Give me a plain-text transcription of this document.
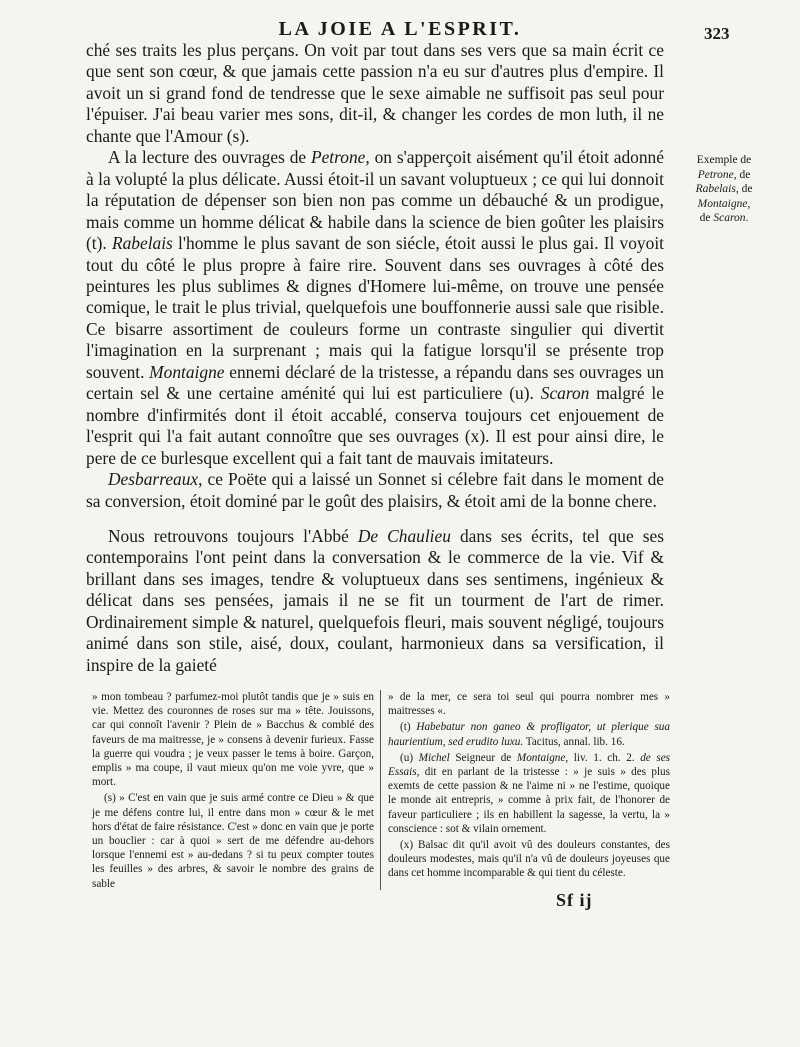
LA JOIE A L'ESPRIT.	323

ché ses traits les plus perçans. On voit par tout dans ses vers que sa main écrit ce que sent son cœur, & que jamais cette passion n'a eu sur d'autres plus d'empire. Il avoit un si grand fond de tendresse que le sexe aimable ne suffisoit pas seul pour l'épuiser. J'ai beau varier mes sons, dit-il, & changer les cordes de mon luth, il ne chante que l'Amour (s).

A la lecture des ouvrages de Petrone, on s'apperçoit aisément qu'il étoit adonné à la volupté la plus délicate. Aussi étoit-il un savant voluptueux ; ce qui lui donnoit la réputation de dépenser son bien non pas comme un débauché & un prodigue, mais comme un homme délicat & habile dans la science de bien goûter les plaisirs (t). Rabelais l'homme le plus savant de son siécle, étoit aussi le plus gai. Il voyoit tout du côté le plus propre à faire rire. Souvent dans ses ouvrages à côté des peintures les plus sublimes & dignes d'Homere lui-même, on trouve une pensée comique, le trait le plus trivial, quelquefois une bouffonnerie aussi sale que risible. Ce bisarre assortiment de couleurs forme un contraste singulier qui divertit l'imagination en la surprenant ; mais qui la fatigue lorsqu'il se présente trop souvent. Montaigne ennemi déclaré de la tristesse, a répandu dans ses ouvrages un certain sel & une certaine aménité qui lui est particuliere (u). Scaron malgré le nombre d'infirmités dont il étoit accablé, conserva toujours cet enjouement de l'esprit qui l'a fait autant connoître que ses ouvrages (x). Il est pour ainsi dire, le pere de ce burlesque excellent qui a fait tant de mauvais imitateurs.

Desbarreaux, ce Poëte qui a laissé un Sonnet si célebre fait dans le moment de sa conversion, étoit dominé par le goût des plaisirs, & étoit ami de la bonne chere.

Nous retrouvons toujours l'Abbé De Chaulieu dans ses écrits, tel que ses contemporains l'ont peint dans la conversation & le commerce de la vie. Vif & brillant dans ses images, tendre & voluptueux dans ses sentimens, ingénieux & délicat dans ses pensées, jamais il ne se fit un tourment de l'art de rimer. Ordinairement simple & naturel, quelquefois fleuri, mais souvent négligé, toujours animé dans son stile, aisé, doux, coulant, harmonieux dans sa versification, il inspire de la gaieté

Exemple de
Petrone, de
Rabelais, de
Montaigne,
de Scaron.

» mon tombeau ? parfumez-moi plutôt tandis que je » suis en vie. Mettez des couronnes de roses sur ma » tête. Jouissons, car qui connoît l'avenir ? Plein de » Bacchus & comblé des faveurs de ma maitresse, je » consens à devenir furieux. Fasse la guerre qui voudra ; je veux passer le tems à boire. Garçon, emplis » ma coupe, il vaut mieux qu'on me voie yvre, que » mort.

(s) » C'est en vain que je suis armé contre ce Dieu » & que je me défens contre lui, il entre dans mon » cœur & le met hors d'état de faire résistance. C'est » donc en vain que je porte un bouclier : car à quoi » sert de me défendre au-dehors lorsque l'ennemi est » au-dedans ? si tu peux compter toutes les feuilles » des arbres, & savoir le nombre des grains de sable

» de la mer, ce sera toi seul qui pourra nombrer mes » maitresses «.

(t) Habebatur non ganeo & profligator, ut plerique sua haurientium, sed erudito luxu. Tacitus, annal. lib. 16.

(u) Michel Seigneur de Montaigne, liv. 1. ch. 2. de ses Essais, dit en parlant de la tristesse : » je suis » des plus exemts de cette passion & ne l'aime ni » ne l'estime, quoique le monde ait entrepris, » comme à prix fait, de l'honorer de faveur particuliere ; ils en habillent la sagesse, la vertu, la » conscience : sot & vilain ornement.

(x) Balsac dit qu'il avoit vû des douleurs constantes, des douleurs modestes, mais qu'il n'a vû de douleurs joyeuses que dans cet homme incomparable & qui tient du céleste.

Sf ij
